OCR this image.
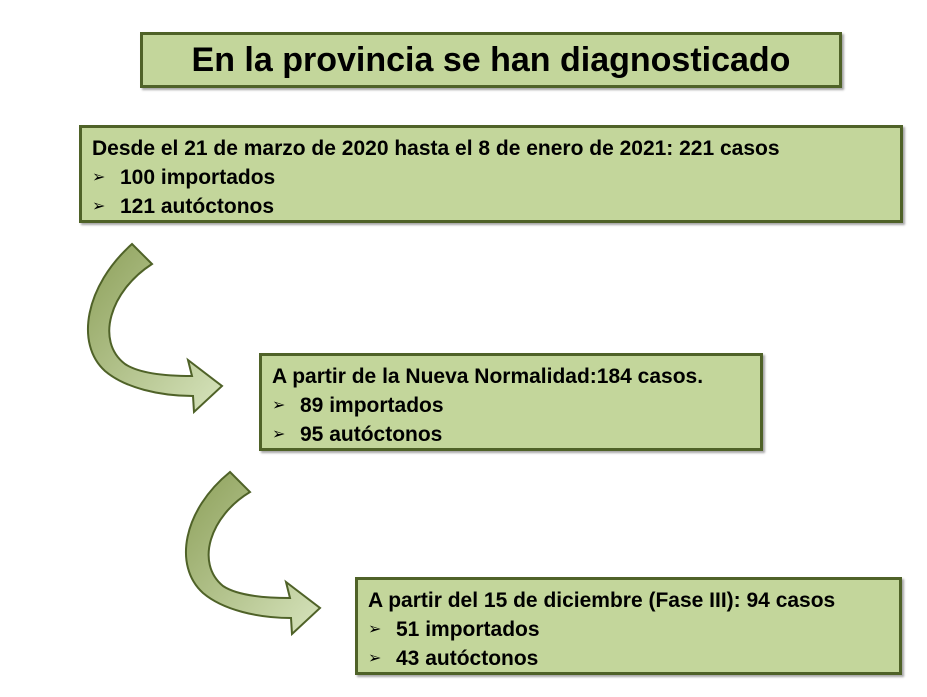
En la provincia se han diagnosticado
Desde el 21 de marzo de 2020 hasta el 8 de enero de 2021: 221 casos
➢ 100 importados
➢ 121 autóctonos
A partir de la Nueva Normalidad:184 casos.
➢ 89 importados
➢ 95 autóctonos
A partir del 15 de diciembre (Fase III): 94 casos
➢ 51 importados
➢ 43 autóctonos
